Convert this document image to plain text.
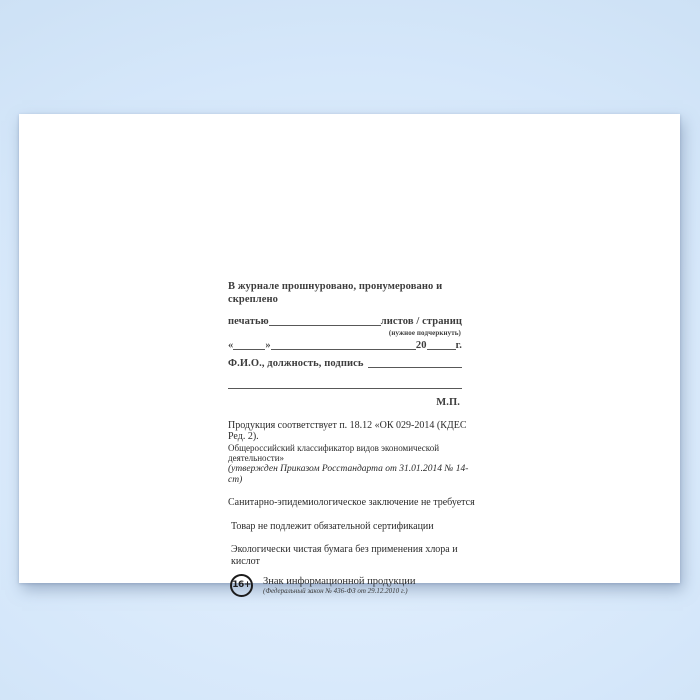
В журнале прошнуровано, пронумеровано и скреплено
печатью	листов / страниц
(нужное подчеркнуть)
«	»	20	г.
Ф.И.О., должность, подпись
М.П.
Продукция соответствует п. 18.12 «ОК 029-2014 (КДЕС Ред. 2).
Общероссийский классификатор видов экономической деятельности»
(утвержден Приказом Росстандарта от 31.01.2014 № 14-ст)
Санитарно-эпидемиологическое заключение не требуется
Товар не подлежит обязательной сертификации
Экологически чистая бумага без применения хлора и кислот
16+ Знак информационной продукции
(Федеральный закон № 436-ФЗ от 29.12.2010 г.)
